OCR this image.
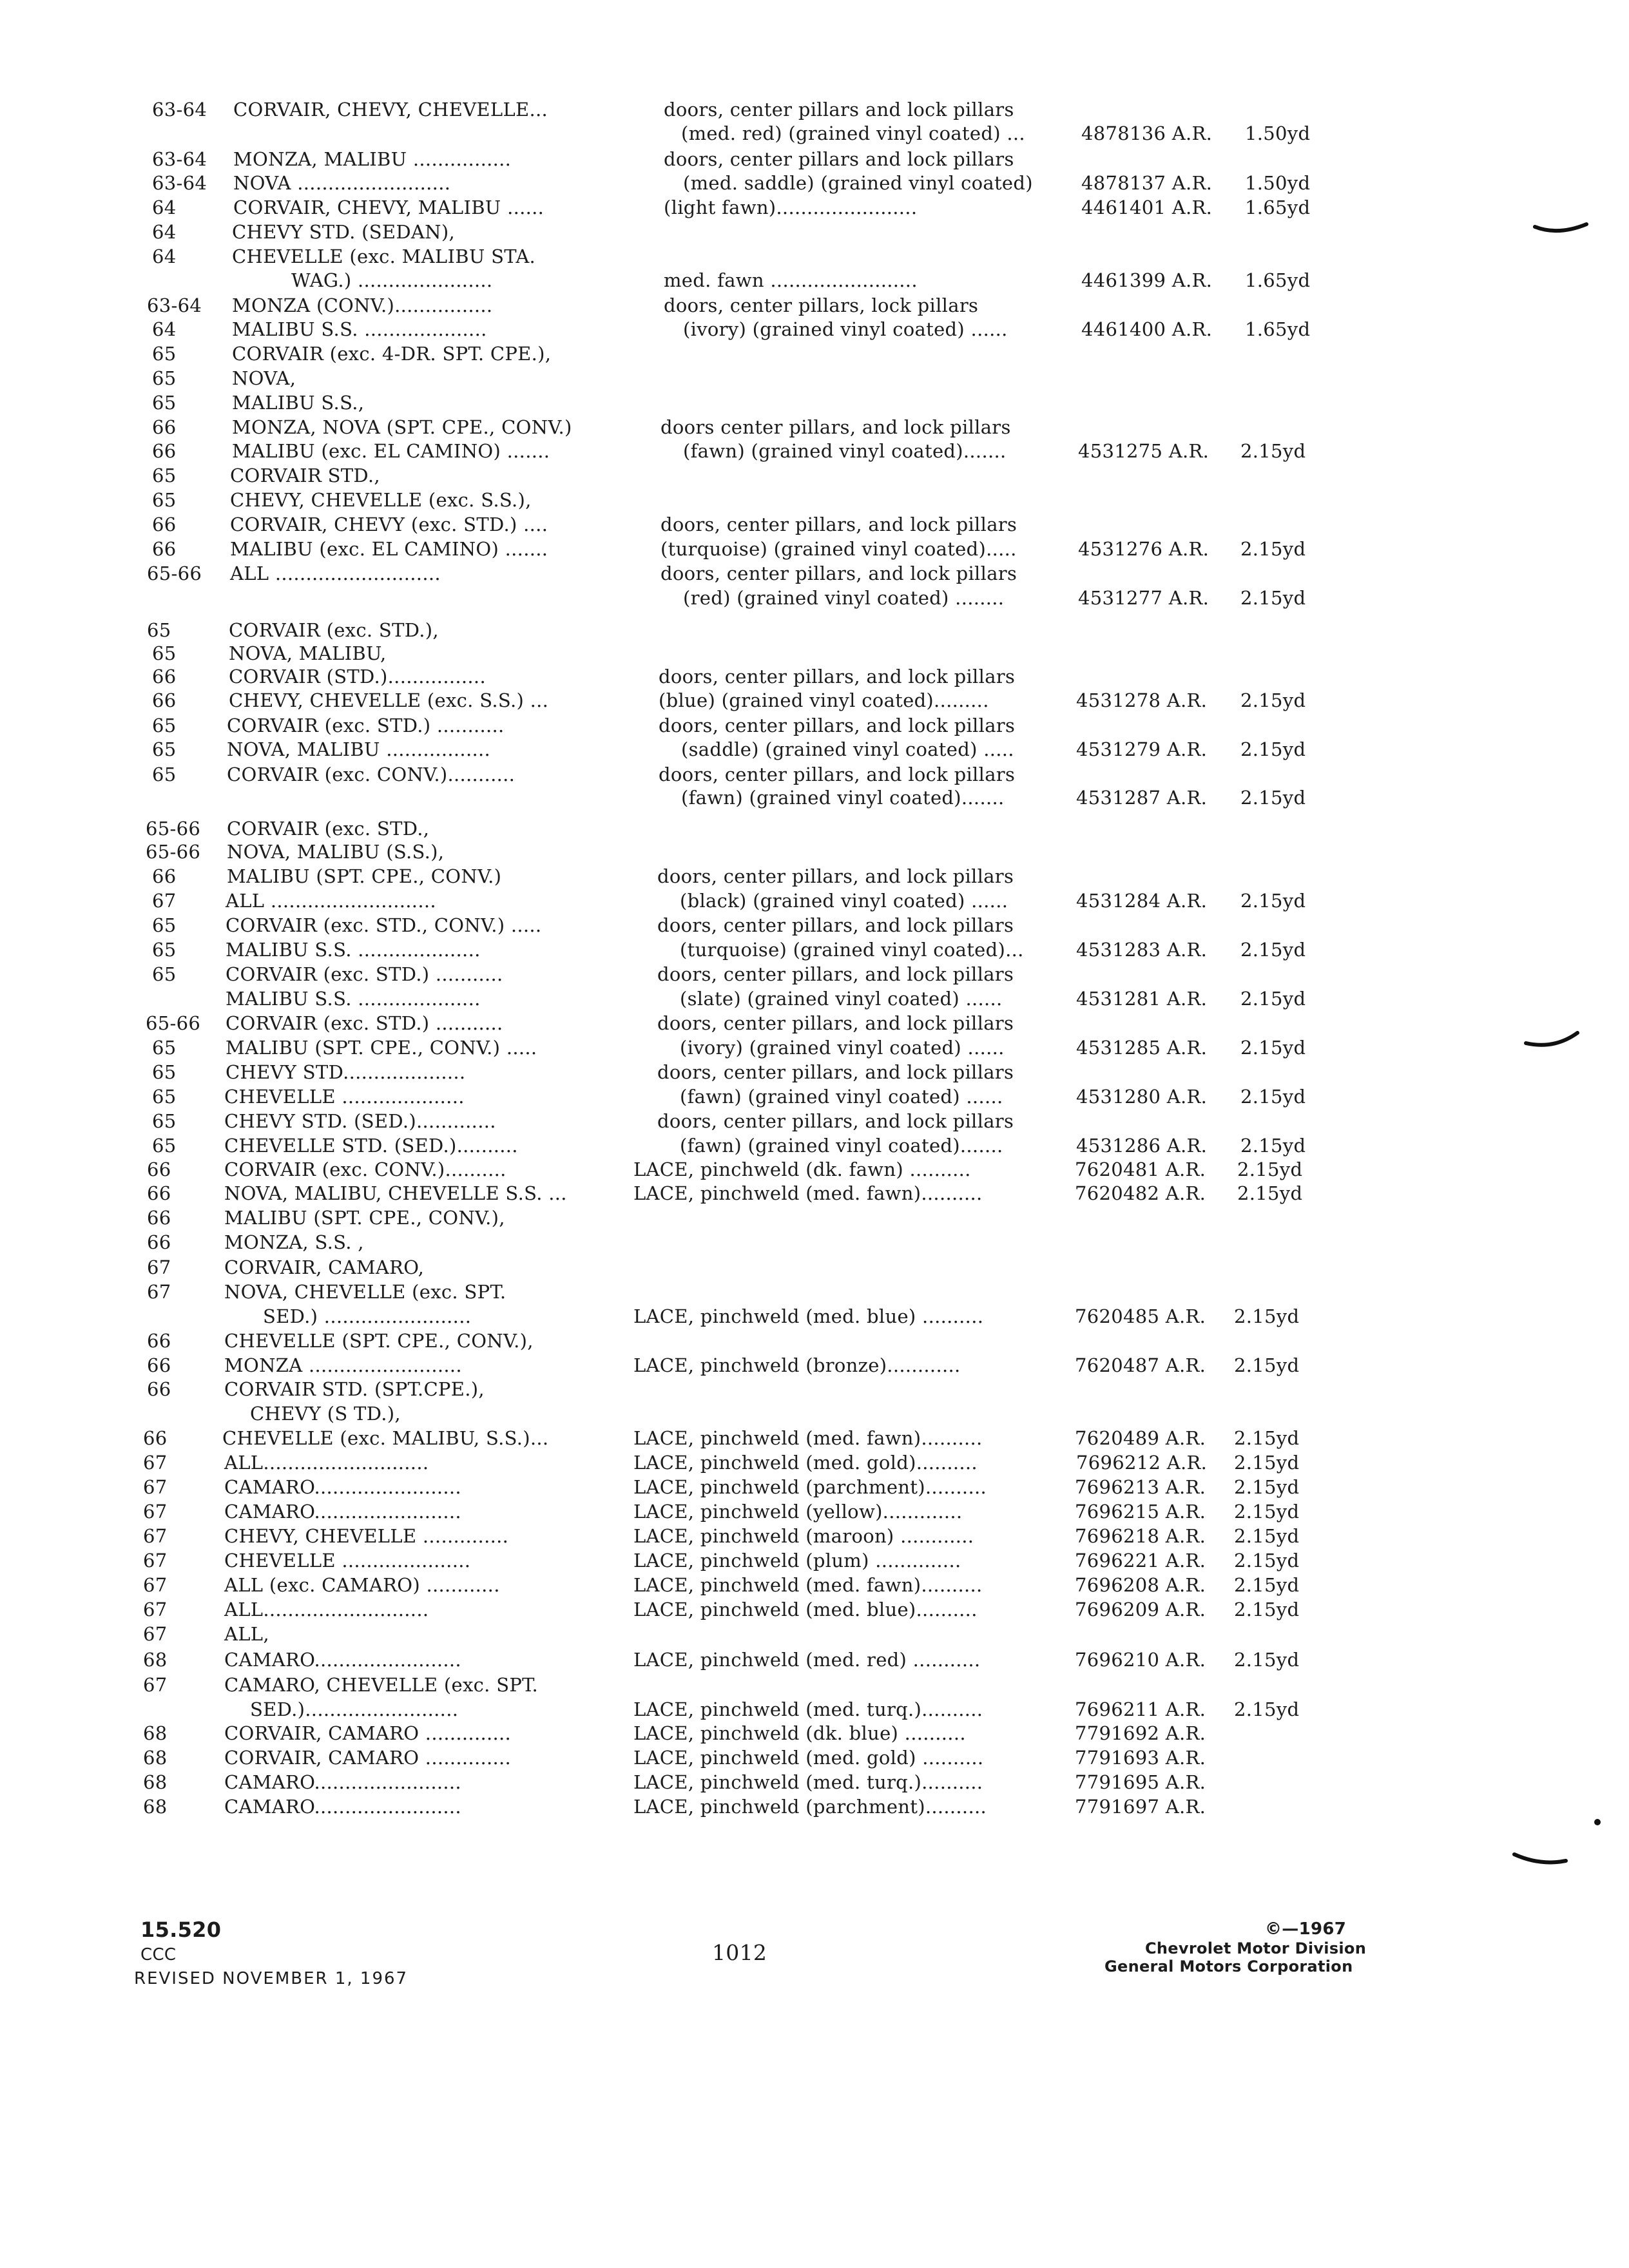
63-64 CORVAIR, CHEVY, CHEVELLE...	doors, center pillars and lock pillars
(med. red) (grained vinyl coated) ...	4878136 A.R. 1.50yd
63-64 MONZA, MALIBU ................	doors, center pillars and lock pillars
63-64 NOVA .........................	(med. saddle) (grained vinyl coated)	4878137 A.R. 1.50yd
64	CORVAIR, CHEVY, MALIBU ......	(light fawn).......................	4461401 A.R. 1.65yd
64	CHEVY STD. (SEDAN),
64	CHEVELLE (exc. MALIBU STA.
WAG.) ......................	med. fawn ........................	4461399 A.R. 1.65yd
63-64 MONZA (CONV.)................	doors, center pillars, lock pillars
64	MALIBU S.S. ....................	(ivory) (grained vinyl coated) ......	4461400 A.R. 1.65yd
65	CORVAIR (exc. 4-DR. SPT. CPE.),
65	NOVA,
65	MALIBU S.S.,
66	MONZA, NOVA (SPT. CPE., CONV.)	doors center pillars, and lock pillars
66	MALIBU (exc. EL CAMINO) .......	(fawn) (grained vinyl coated).......	4531275 A.R. 2.15yd
65	CORVAIR STD.,
65	CHEVY, CHEVELLE (exc. S.S.),
66	CORVAIR, CHEVY (exc. STD.) ....	doors, center pillars, and lock pillars
66	MALIBU (exc. EL CAMINO) .......	(turquoise) (grained vinyl coated).....	4531276 A.R. 2.15yd
65-66 ALL ...........................	doors, center pillars, and lock pillars
(red) (grained vinyl coated) ........	4531277 A.R. 2.15yd
65	CORVAIR (exc. STD.),
65	NOVA, MALIBU,
66	CORVAIR (STD.)................	doors, center pillars, and lock pillars
66	CHEVY, CHEVELLE (exc. S.S.) ...	(blue) (grained vinyl coated).........	4531278 A.R. 2.15yd
65	CORVAIR (exc. STD.) ...........	doors, center pillars, and lock pillars
65	NOVA, MALIBU .................	(saddle) (grained vinyl coated) .....	4531279 A.R. 2.15yd
65	CORVAIR (exc. CONV.)...........	doors, center pillars, and lock pillars
(fawn) (grained vinyl coated).......	4531287 A.R. 2.15yd
65-66 CORVAIR (exc. STD.,
65-66 NOVA, MALIBU (S.S.),
66	MALIBU (SPT. CPE., CONV.)	doors, center pillars, and lock pillars
67	ALL ...........................	(black) (grained vinyl coated) ......	4531284 A.R. 2.15yd
65	CORVAIR (exc. STD., CONV.) .....	doors, center pillars, and lock pillars
65	MALIBU S.S. ....................	(turquoise) (grained vinyl coated)...	4531283 A.R. 2.15yd
65	CORVAIR (exc. STD.) ...........	doors, center pillars, and lock pillars
MALIBU S.S. ....................	(slate) (grained vinyl coated) ......	4531281 A.R. 2.15yd
65-66 CORVAIR (exc. STD.) ...........	doors, center pillars, and lock pillars
65	MALIBU (SPT. CPE., CONV.) .....	(ivory) (grained vinyl coated) ......	4531285 A.R. 2.15yd
65	CHEVY STD....................	doors, center pillars, and lock pillars
65	CHEVELLE ....................	(fawn) (grained vinyl coated) ......	4531280 A.R. 2.15yd
65	CHEVY STD. (SED.).............	doors, center pillars, and lock pillars
65	CHEVELLE STD. (SED.)..........	(fawn) (grained vinyl coated).......	4531286 A.R. 2.15yd
66	CORVAIR (exc. CONV.)..........	LACE, pinchweld (dk. fawn) ..........	7620481 A.R. 2.15yd
66	NOVA, MALIBU, CHEVELLE S.S. ...	LACE, pinchweld (med. fawn)..........	7620482 A.R. 2.15yd
66	MALIBU (SPT. CPE., CONV.),
66	MONZA, S.S. ,
67	CORVAIR, CAMARO,
67	NOVA, CHEVELLE (exc. SPT.
SED.) ........................	LACE, pinchweld (med. blue) ..........	7620485 A.R. 2.15yd
66	CHEVELLE (SPT. CPE., CONV.),
66	MONZA .........................	LACE, pinchweld (bronze)............	7620487 A.R. 2.15yd
66	CORVAIR STD. (SPT.CPE.),
CHEVY (S TD.),
66	CHEVELLE (exc. MALIBU, S.S.)...	LACE, pinchweld (med. fawn)..........	7620489 A.R. 2.15yd
67	ALL...........................	LACE, pinchweld (med. gold)..........	7696212 A.R. 2.15yd
67	CAMARO........................	LACE, pinchweld (parchment)..........	7696213 A.R. 2.15yd
67	CAMARO........................	LACE, pinchweld (yellow).............	7696215 A.R. 2.15yd
67	CHEVY, CHEVELLE ..............	LACE, pinchweld (maroon) ............	7696218 A.R. 2.15yd
67	CHEVELLE .....................	LACE, pinchweld (plum) ..............	7696221 A.R. 2.15yd
67	ALL (exc. CAMARO) ............	LACE, pinchweld (med. fawn)..........	7696208 A.R. 2.15yd
67	ALL...........................	LACE, pinchweld (med. blue)..........	7696209 A.R. 2.15yd
67	ALL,
68	CAMARO........................	LACE, pinchweld (med. red) ...........	7696210 A.R. 2.15yd
67	CAMARO, CHEVELLE (exc. SPT.
SED.).........................	LACE, pinchweld (med. turq.)..........	7696211 A.R. 2.15yd
68	CORVAIR, CAMARO ..............	LACE, pinchweld (dk. blue) ..........	7791692 A.R.
68	CORVAIR, CAMARO ..............	LACE, pinchweld (med. gold) ..........	7791693 A.R.
68	CAMARO........................	LACE, pinchweld (med. turq.)..........	7791695 A.R.
68	CAMARO........................	LACE, pinchweld (parchment)..........	7791697 A.R.
15.520
CCC
REVISED NOVEMBER 1, 1967
1012
©—1967
Chevrolet Motor Division
General Motors Corporation
